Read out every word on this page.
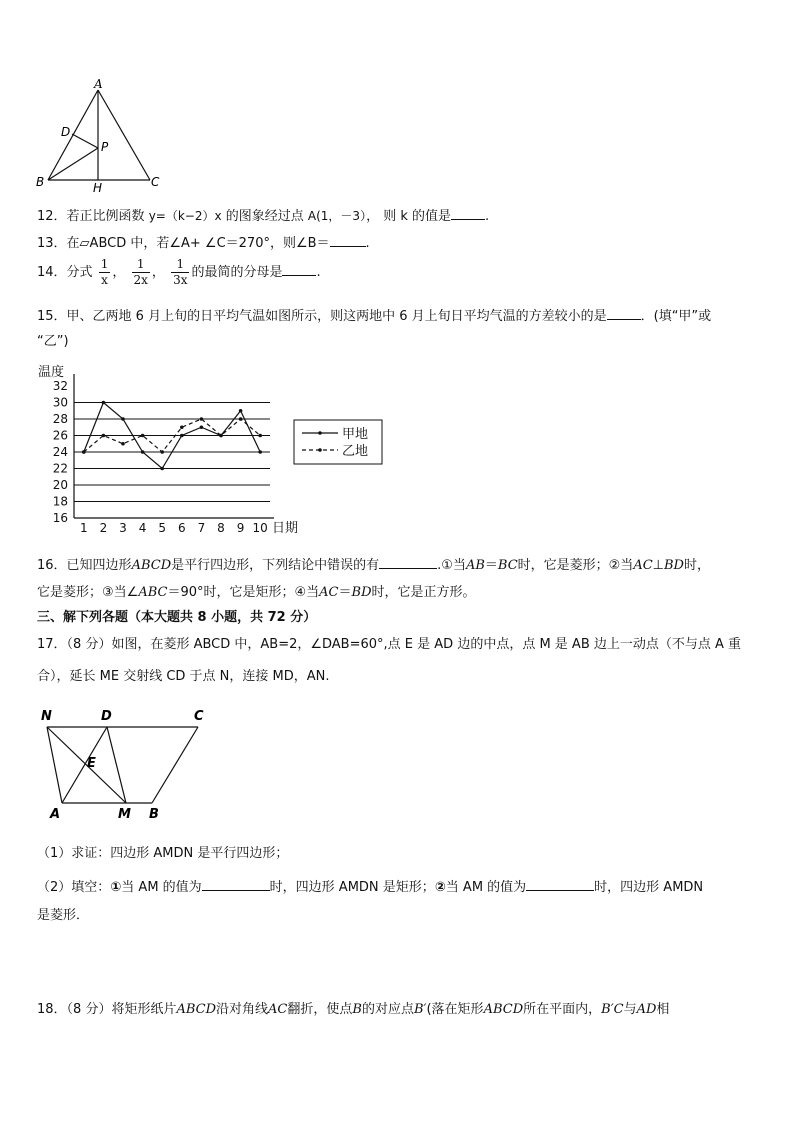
A
D
P
B	H	C
12．若正比例函数 y=（k−2）x 的图象经过点 A(1，－3）， 则 k 的值是	.
13．在▱ABCD 中，若∠A+ ∠C＝270°，则∠B＝	.
14．分式 $\frac{1}{x}$ ， $\frac{1}{2x}$ ， $\frac{1}{3x}$ 的最简的分母是	.
15．甲、乙两地 6 月上旬的日平均气温如图所示，则这两地中 6 月上旬日平均气温的方差较小的是	．(填“甲”或
“乙”)
16
18
20
22
24
26
28
30
32
1 2 3 4 5 6 7 8 9 10
温度
日期
甲地
乙地
16．已知四边形ABCD是平行四边形，下列结论中错误的有	.①当AB＝BC时，它是菱形；②当AC⊥BD时，
它是菱形；③当∠ABC＝90°时，它是矩形；④当AC＝BD时，它是正方形。
三、解下列各题（本大题共 8 小题，共 72 分）
17．（8 分）如图，在菱形 ABCD 中，AB=2，∠DAB=60°,点 E 是 AD 边的中点，点 M 是 AB 边上一动点（不与点 A 重
合），延长 ME 交射线 CD 于点 N，连接 MD，AN.
N	D	C
E
A	M B
（1）求证：四边形 AMDN 是平行四边形；
（2）填空：①当 AM 的值为	时，四边形 AMDN 是矩形；②当 AM 的值为	时，四边形 AMDN
是菱形．
18．（8 分）将矩形纸片ABCD沿对角线AC翻折，使点B的对应点B′(落在矩形ABCD所在平面内，B′C与AD相
